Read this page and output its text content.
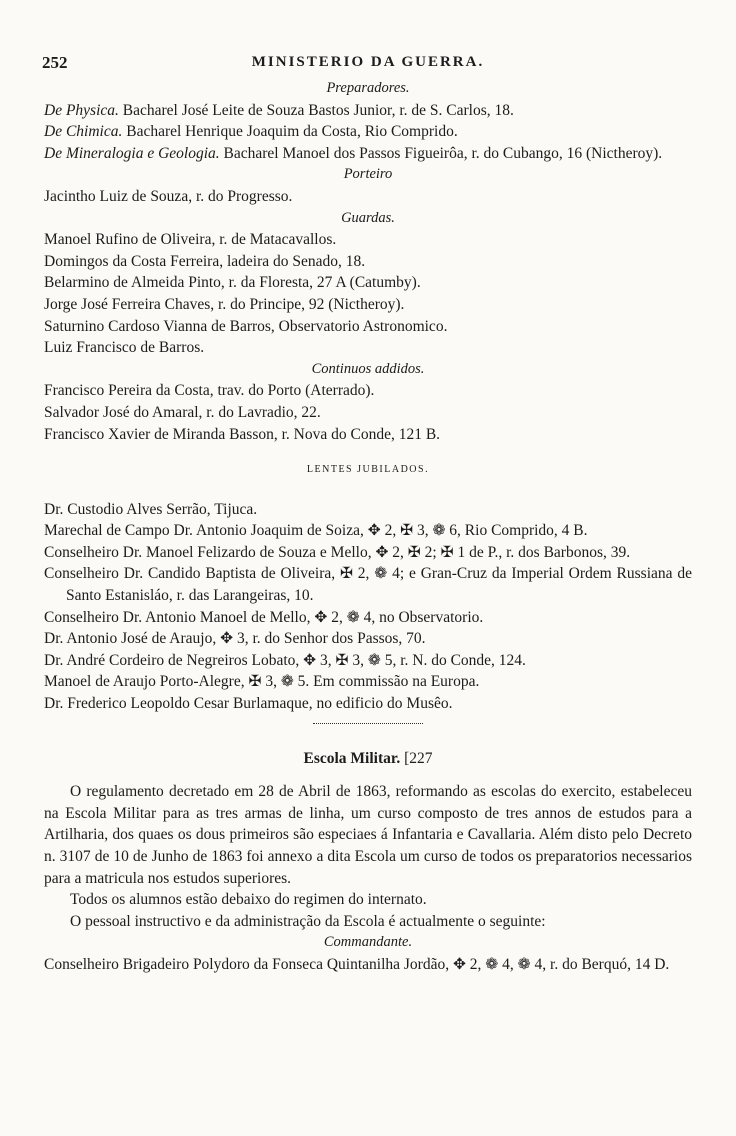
252	MINISTERIO DA GUERRA.
Preparadores.
De Physica. Bacharel José Leite de Souza Bastos Junior, r. de S. Carlos, 18.
De Chimica. Bacharel Henrique Joaquim da Costa, Rio Comprido.
De Mineralogia e Geologia. Bacharel Manoel dos Passos Figueirôa, r. do Cubango, 16 (Nictheroy).
Porteiro
Jacintho Luiz de Souza, r. do Progresso.
Guardas.
Manoel Rufino de Oliveira, r. de Matacavallos.
Domingos da Costa Ferreira, ladeira do Senado, 18.
Belarmino de Almeida Pinto, r. da Floresta, 27 A (Catumby).
Jorge José Ferreira Chaves, r. do Principe, 92 (Nictheroy).
Saturnino Cardoso Vianna de Barros, Observatorio Astronomico.
Luiz Francisco de Barros.
Continuos addidos.
Francisco Pereira da Costa, trav. do Porto (Aterrado).
Salvador José do Amaral, r. do Lavradio, 22.
Francisco Xavier de Miranda Basson, r. Nova do Conde, 121 B.
LENTES JUBILADOS.
Dr. Custodio Alves Serrão, Tijuca.
Marechal de Campo Dr. Antonio Joaquim de Soiza, ✥ 2, ✠ 3, ❁ 6, Rio Comprido, 4 B.
Conselheiro Dr. Manoel Felizardo de Souza e Mello, ✥ 2, ✠ 2; ✠ 1 de P., r. dos Barbonos, 39.
Conselheiro Dr. Candido Baptista de Oliveira, ✠ 2, ❁ 4; e Gran-Cruz da Imperial Ordem Russiana de Santo Estanisláo, r. das Larangeiras, 10.
Conselheiro Dr. Antonio Manoel de Mello, ✥ 2, ❁ 4, no Observatorio.
Dr. Antonio José de Araujo, ✥ 3, r. do Senhor dos Passos, 70.
Dr. André Cordeiro de Negreiros Lobato, ✥ 3, ✠ 3, ❁ 5, r. N. do Conde, 124.
Manoel de Araujo Porto-Alegre, ✠ 3, ❁ 5. Em commissão na Europa.
Dr. Frederico Leopoldo Cesar Burlamaque, no edificio do Musêo.
Escola Militar. [227
O regulamento decretado em 28 de Abril de 1863, reformando as escolas do exercito, estabeleceu na Escola Militar para as tres armas de linha, um curso composto de tres annos de estudos para a Artilharia, dos quaes os dous primeiros são especiaes á Infantaria e Cavallaria. Além disto pelo Decreto n. 3107 de 10 de Junho de 1863 foi annexo a dita Escola um curso de todos os preparatorios necessarios para a matricula nos estudos superiores.
Todos os alumnos estão debaixo do regimen do internato.
O pessoal instructivo e da administração da Escola é actualmente o seguinte:
Commandante.
Conselheiro Brigadeiro Polydoro da Fonseca Quintanilha Jordão, ✥ 2, ❁ 4, ❁ 4, r. do Berquó, 14 D.
